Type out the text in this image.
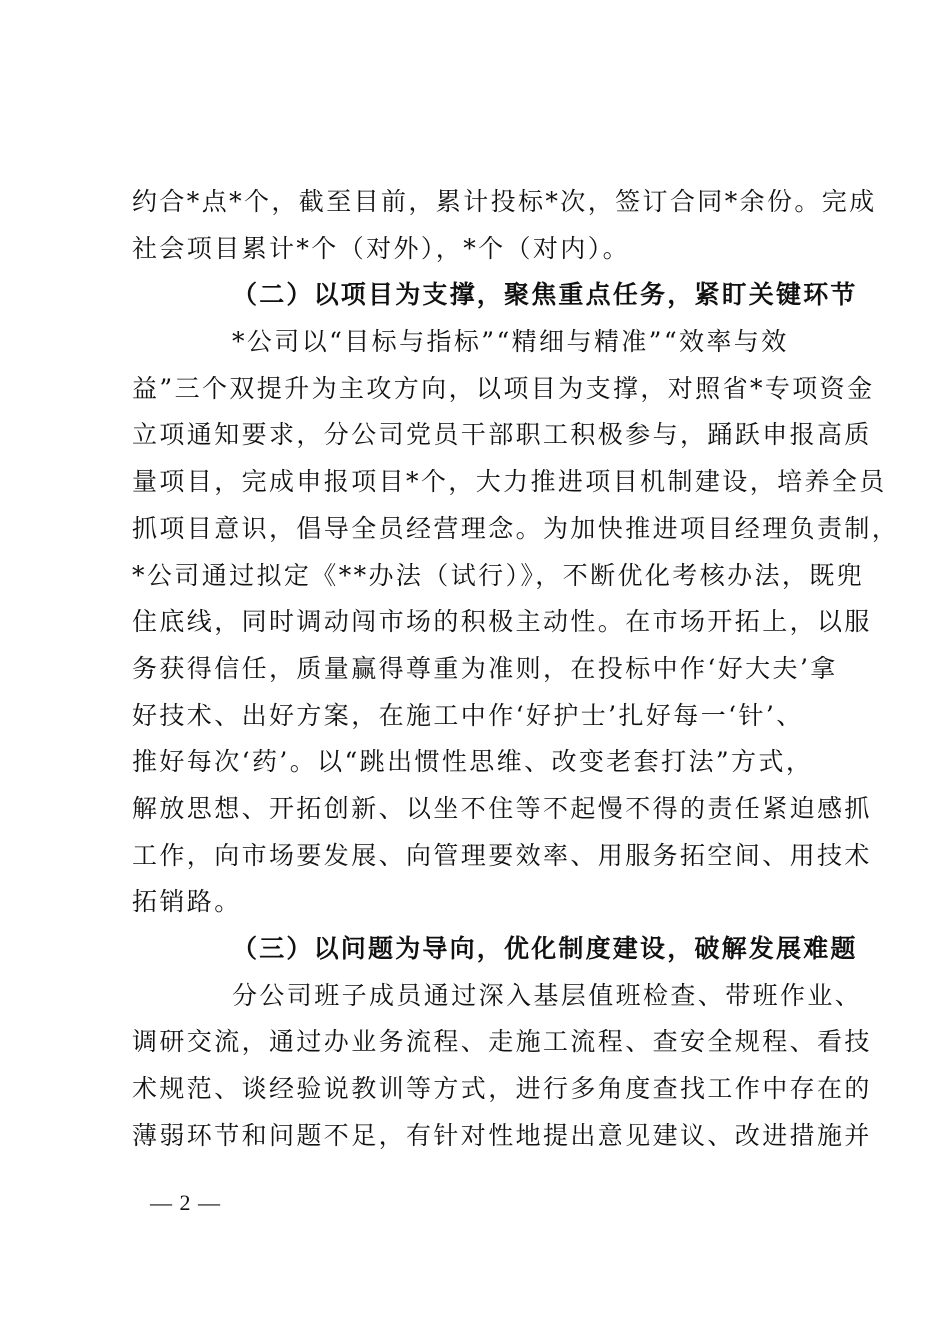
约合*点*个，截至目前，累计投标*次，签订合同*余份。完成
社会项目累计*个（对外），*个（对内）。
（二）以项目为支撑，聚焦重点任务，紧盯关键环节
*公司以“目标与指标”“精细与精准”“效率与效
益”三个双提升为主攻方向，以项目为支撑，对照省*专项资金
立项通知要求，分公司党员干部职工积极参与，踊跃申报高质
量项目，完成申报项目*个，大力推进项目机制建设，培养全员
抓项目意识，倡导全员经营理念。为加快推进项目经理负责制，
*公司通过拟定《**办法（试行）》，不断优化考核办法，既兜
住底线，同时调动闯市场的积极主动性。在市场开拓上，以服
务获得信任，质量赢得尊重为准则，在投标中作‘好大夫’拿
好技术、出好方案，在施工中作‘好护士’扎好每一‘针’、
推好每次‘药’。以“跳出惯性思维、改变老套打法”方式，
解放思想、开拓创新、以坐不住等不起慢不得的责任紧迫感抓
工作，向市场要发展、向管理要效率、用服务拓空间、用技术
拓销路。
（三）以问题为导向，优化制度建设，破解发展难题
分公司班子成员通过深入基层值班检查、带班作业、
调研交流，通过办业务流程、走施工流程、查安全规程、看技
术规范、谈经验说教训等方式，进行多角度查找工作中存在的
薄弱环节和问题不足，有针对性地提出意见建议、改进措施并
— 2 —
